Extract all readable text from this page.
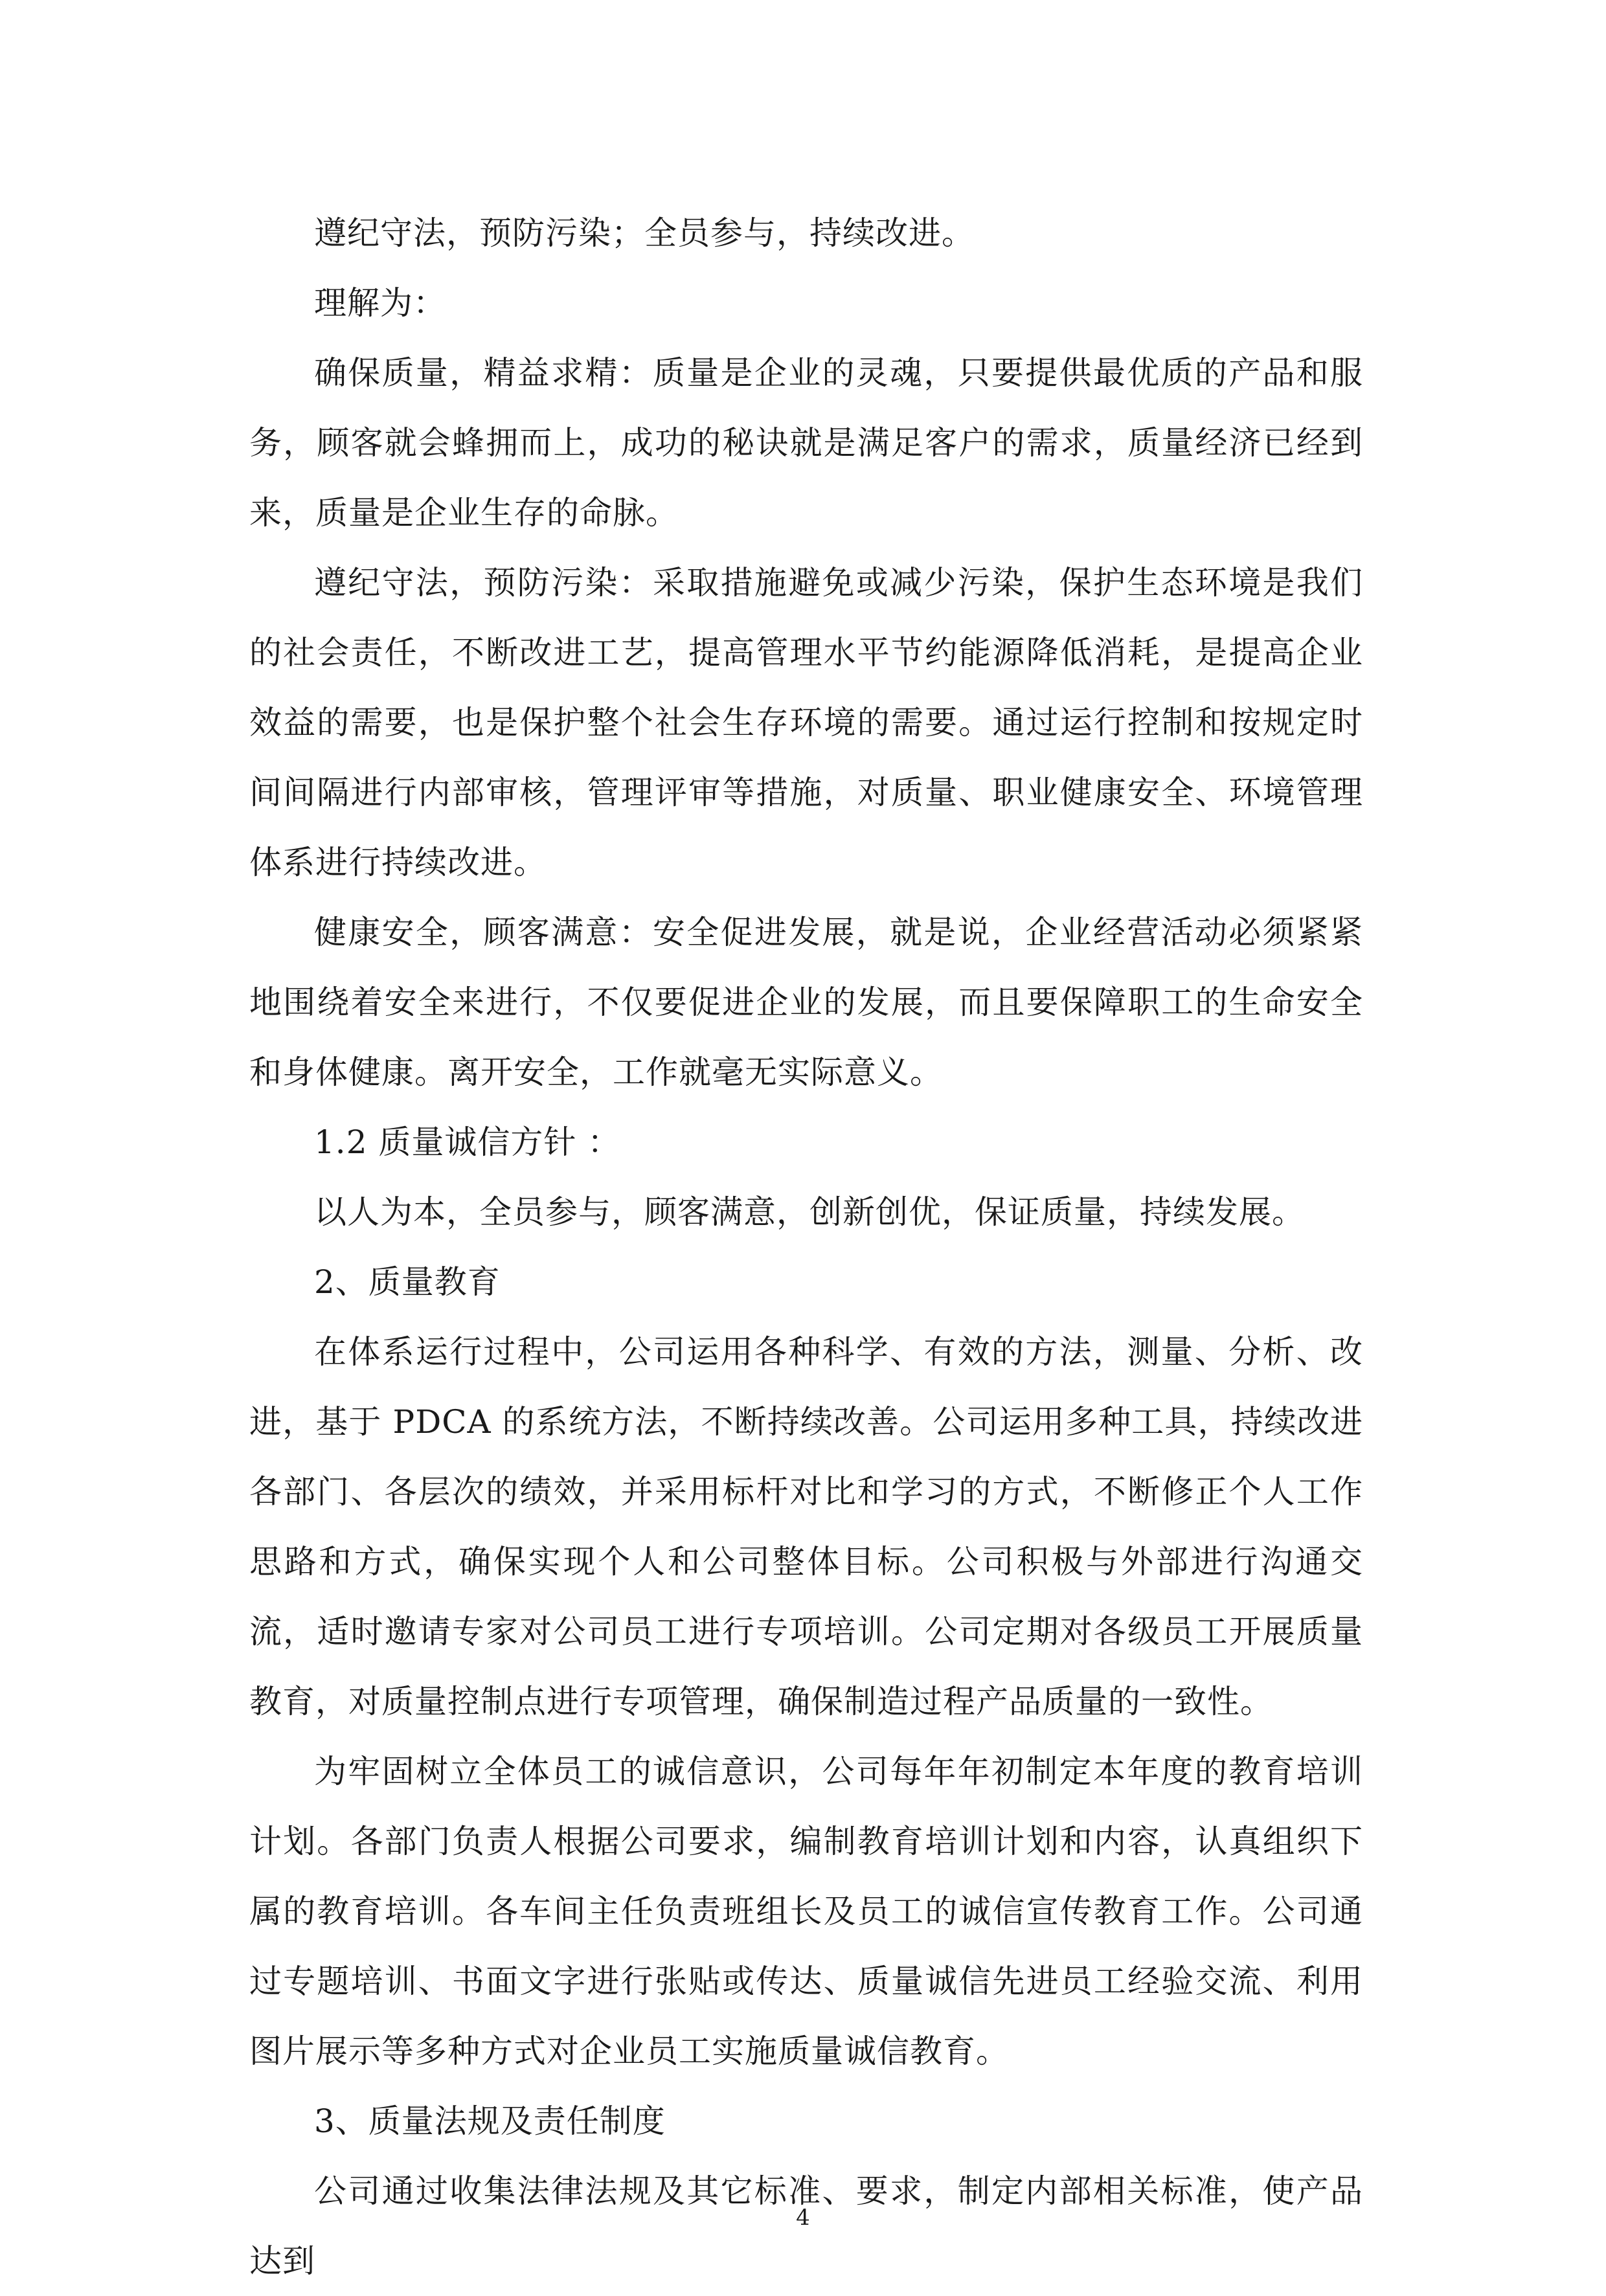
遵纪守法，预防污染；全员参与，持续改进。

理解为：

确保质量，精益求精：质量是企业的灵魂，只要提供最优质的产品和服务，顾客就会蜂拥而上，成功的秘诀就是满足客户的需求，质量经济已经到来，质量是企业生存的命脉。

遵纪守法，预防污染：采取措施避免或减少污染，保护生态环境是我们的社会责任，不断改进工艺，提高管理水平节约能源降低消耗，是提高企业效益的需要，也是保护整个社会生存环境的需要。通过运行控制和按规定时间间隔进行内部审核，管理评审等措施，对质量、职业健康安全、环境管理体系进行持续改进。

健康安全，顾客满意：安全促进发展，就是说，企业经营活动必须紧紧地围绕着安全来进行，不仅要促进企业的发展，而且要保障职工的生命安全和身体健康。离开安全，工作就毫无实际意义。

1.2 质量诚信方针 ：

以人为本，全员参与，顾客满意，创新创优，保证质量，持续发展。

2、质量教育

在体系运行过程中，公司运用各种科学、有效的方法，测量、分析、改进，基于 PDCA 的系统方法，不断持续改善。公司运用多种工具，持续改进各部门、各层次的绩效，并采用标杆对比和学习的方式，不断修正个人工作思路和方式，确保实现个人和公司整体目标。公司积极与外部进行沟通交流，适时邀请专家对公司员工进行专项培训。公司定期对各级员工开展质量教育，对质量控制点进行专项管理，确保制造过程产品质量的一致性。

为牢固树立全体员工的诚信意识，公司每年年初制定本年度的教育培训计划。各部门负责人根据公司要求，编制教育培训计划和内容，认真组织下属的教育培训。各车间主任负责班组长及员工的诚信宣传教育工作。公司通过专题培训、书面文字进行张贴或传达、质量诚信先进员工经验交流、利用图片展示等多种方式对企业员工实施质量诚信教育。

3、质量法规及责任制度

公司通过收集法律法规及其它标准、要求，制定内部相关标准，使产品达到

4
